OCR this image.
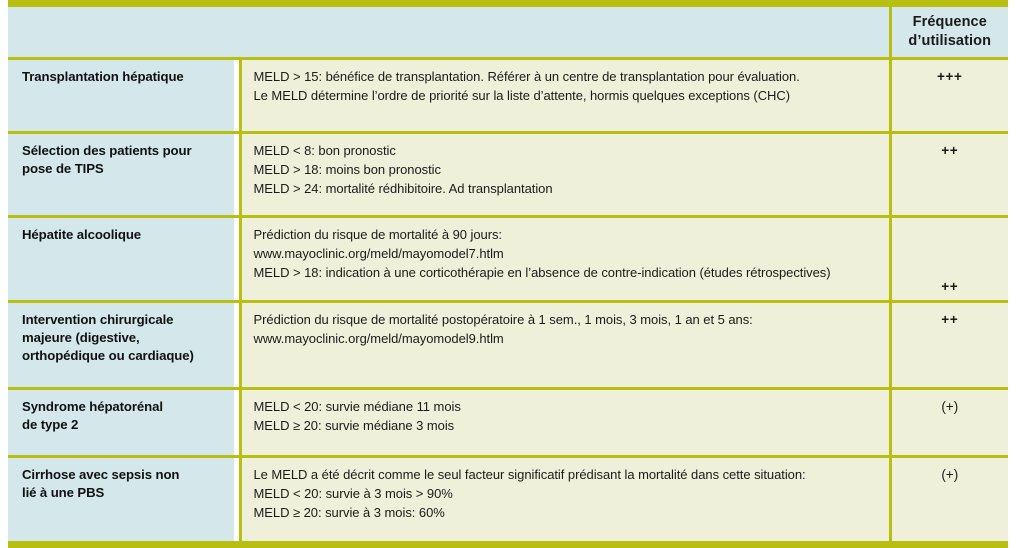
			Fréquence
d’utilisation

Transplantation hépatique		MELD > 15: bénéfice de transplantation. Référer à un centre de transplantation pour évaluation.
Le MELD détermine l’ordre de priorité sur la liste d’attente, hormis quelques exceptions (CHC)	+++

Sélection des patients pour
pose de TIPS		MELD < 8: bon pronostic
MELD > 18: moins bon pronostic
MELD > 24: mortalité rédhibitoire. Ad transplantation	++

Hépatite alcoolique		Prédiction du risque de mortalité à 90 jours:
www.mayoclinic.org/meld/mayomodel7.htlm
MELD > 18: indication à une corticothérapie en l’absence de contre-indication (études rétrospectives)	++

Intervention chirurgicale
majeure (digestive,
orthopédique ou cardiaque)		Prédiction du risque de mortalité postopératoire à 1 sem., 1 mois, 3 mois, 1 an et 5 ans:
www.mayoclinic.org/meld/mayomodel9.htlm	++

Syndrome hépatorénal
de type 2		MELD < 20: survie médiane 11 mois
MELD ≥ 20: survie médiane 3 mois	(+)

Cirrhose avec sepsis non
lié à une PBS		Le MELD a été décrit comme le seul facteur significatif prédisant la mortalité dans cette situation:
MELD < 20: survie à 3 mois > 90%
MELD ≥ 20: survie à 3 mois: 60%	(+)
